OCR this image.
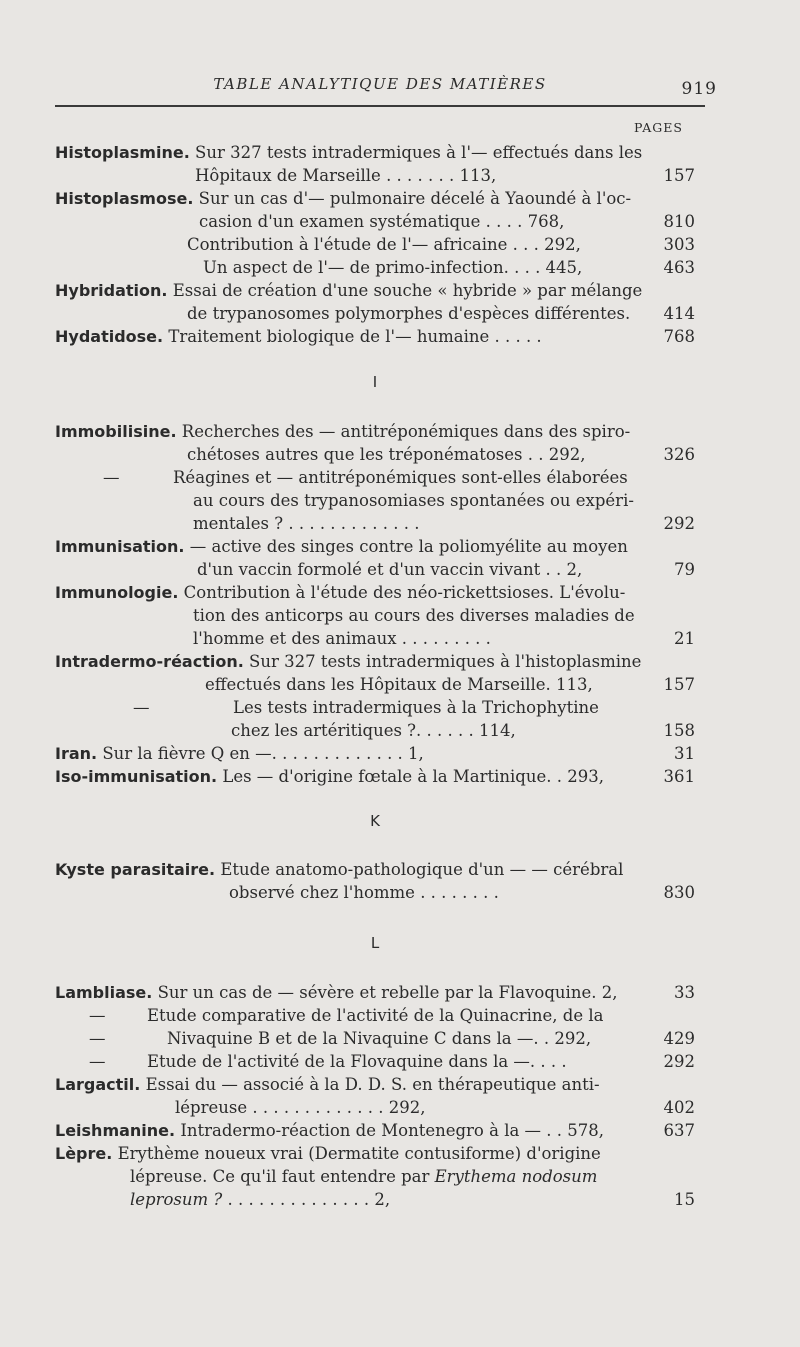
TABLE ANALYTIQUE DES MATIÈRES	919
PAGES
Histoplasmine. Sur 327 tests intradermiques à l'— effectués dans les
Hôpitaux de Marseille . . . . . . . 113,	157
Histoplasmose. Sur un cas d'— pulmonaire décelé à Yaoundé à l'oc-
casion d'un examen systématique . . . . 768,	810
Contribution à l'étude de l'— africaine . . . 292,	303
Un aspect de l'— de primo-infection. . . . 445,	463
Hybridation. Essai de création d'une souche « hybride » par mélange
de trypanosomes polymorphes d'espèces différentes.	414
Hydatidose. Traitement biologique de l'— humaine . . . . .	768
I
Immobilisine. Recherches des — antitréponémiques dans des spiro-
chétoses autres que les tréponématoses . . 292,	326
—	Réagines et — antitréponémiques sont-elles élaborées
au cours des trypanosomiases spontanées ou expéri-
mentales ? . . . . . . . . . . . . .	292
Immunisation. — active des singes contre la poliomyélite au moyen
d'un vaccin formolé et d'un vaccin vivant . . 2,	79
Immunologie. Contribution à l'étude des néo-rickettsioses. L'évolu-
tion des anticorps au cours des diverses maladies de
l'homme et des animaux . . . . . . . . .	21
Intradermo-réaction. Sur 327 tests intradermiques à l'histoplasmine
effectués dans les Hôpitaux de Marseille. 113,	157
—	Les tests intradermiques à la Trichophytine
chez les artéritiques ?. . . . . . 114,	158
Iran. Sur la fièvre Q en —. . . . . . . . . . . . . 1,	31
Iso-immunisation. Les — d'origine fœtale à la Martinique. . 293,	361
K
Kyste parasitaire. Etude anatomo-pathologique d'un — — cérébral
observé chez l'homme . . . . . . . .	830
L
Lambliase. Sur un cas de — sévère et rebelle par la Flavoquine. 2,	33
—	Etude comparative de l'activité de la Quinacrine, de la
—	Nivaquine B et de la Nivaquine C dans la —. . 292,	429
—	Etude de l'activité de la Flovaquine dans la —. . . .	292
Largactil. Essai du — associé à la D. D. S. en thérapeutique anti-
lépreuse . . . . . . . . . . . . . 292,	402
Leishmanine. Intradermo-réaction de Montenegro à la — . . 578,	637
Lèpre. Erythème noueux vrai (Dermatite contusiforme) d'origine
lépreuse. Ce qu'il faut entendre par Erythema nodosum
leprosum ? . . . . . . . . . . . . . . 2,	15
